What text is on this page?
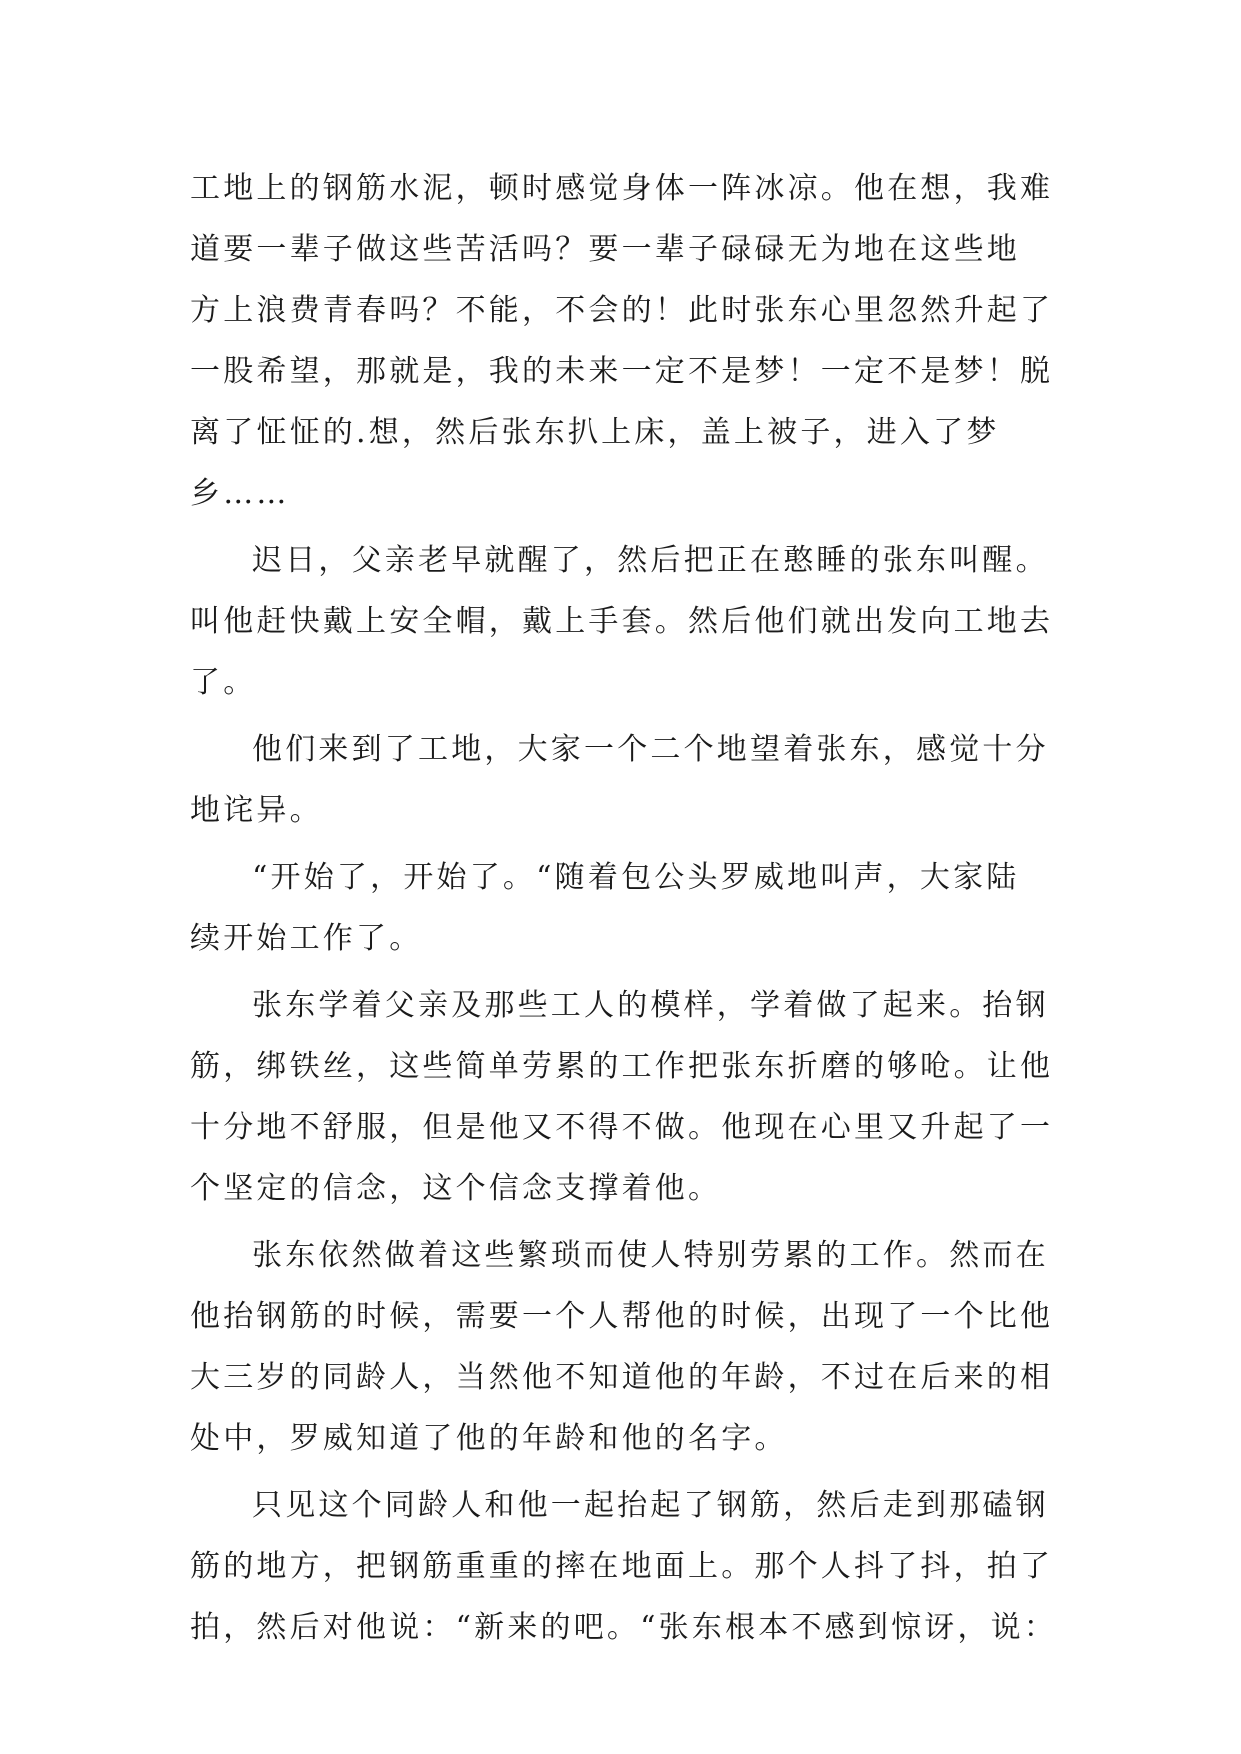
工地上的钢筋水泥，顿时感觉身体一阵冰凉。他在想，我难
道要一辈子做这些苦活吗？要一辈子碌碌无为地在这些地
方上浪费青春吗？不能，不会的！此时张东心里忽然升起了
一股希望，那就是，我的未来一定不是梦！一定不是梦！脱
离了怔怔的.想，然后张东扒上床，盖上被子，进入了梦
乡……
迟日，父亲老早就醒了，然后把正在憨睡的张东叫醒。
叫他赶快戴上安全帽，戴上手套。然后他们就出发向工地去
了。
他们来到了工地，大家一个二个地望着张东，感觉十分
地诧异。
“开始了，开始了。“随着包公头罗威地叫声，大家陆
续开始工作了。
张东学着父亲及那些工人的模样，学着做了起来。抬钢
筋，绑铁丝，这些简单劳累的工作把张东折磨的够呛。让他
十分地不舒服，但是他又不得不做。他现在心里又升起了一
个坚定的信念，这个信念支撑着他。
张东依然做着这些繁琐而使人特别劳累的工作。然而在
他抬钢筋的时候，需要一个人帮他的时候，出现了一个比他
大三岁的同龄人，当然他不知道他的年龄，不过在后来的相
处中，罗威知道了他的年龄和他的名字。
只见这个同龄人和他一起抬起了钢筋，然后走到那磕钢
筋的地方，把钢筋重重的摔在地面上。那个人抖了抖，拍了
拍，然后对他说：“新来的吧。“张东根本不感到惊讶，说：
